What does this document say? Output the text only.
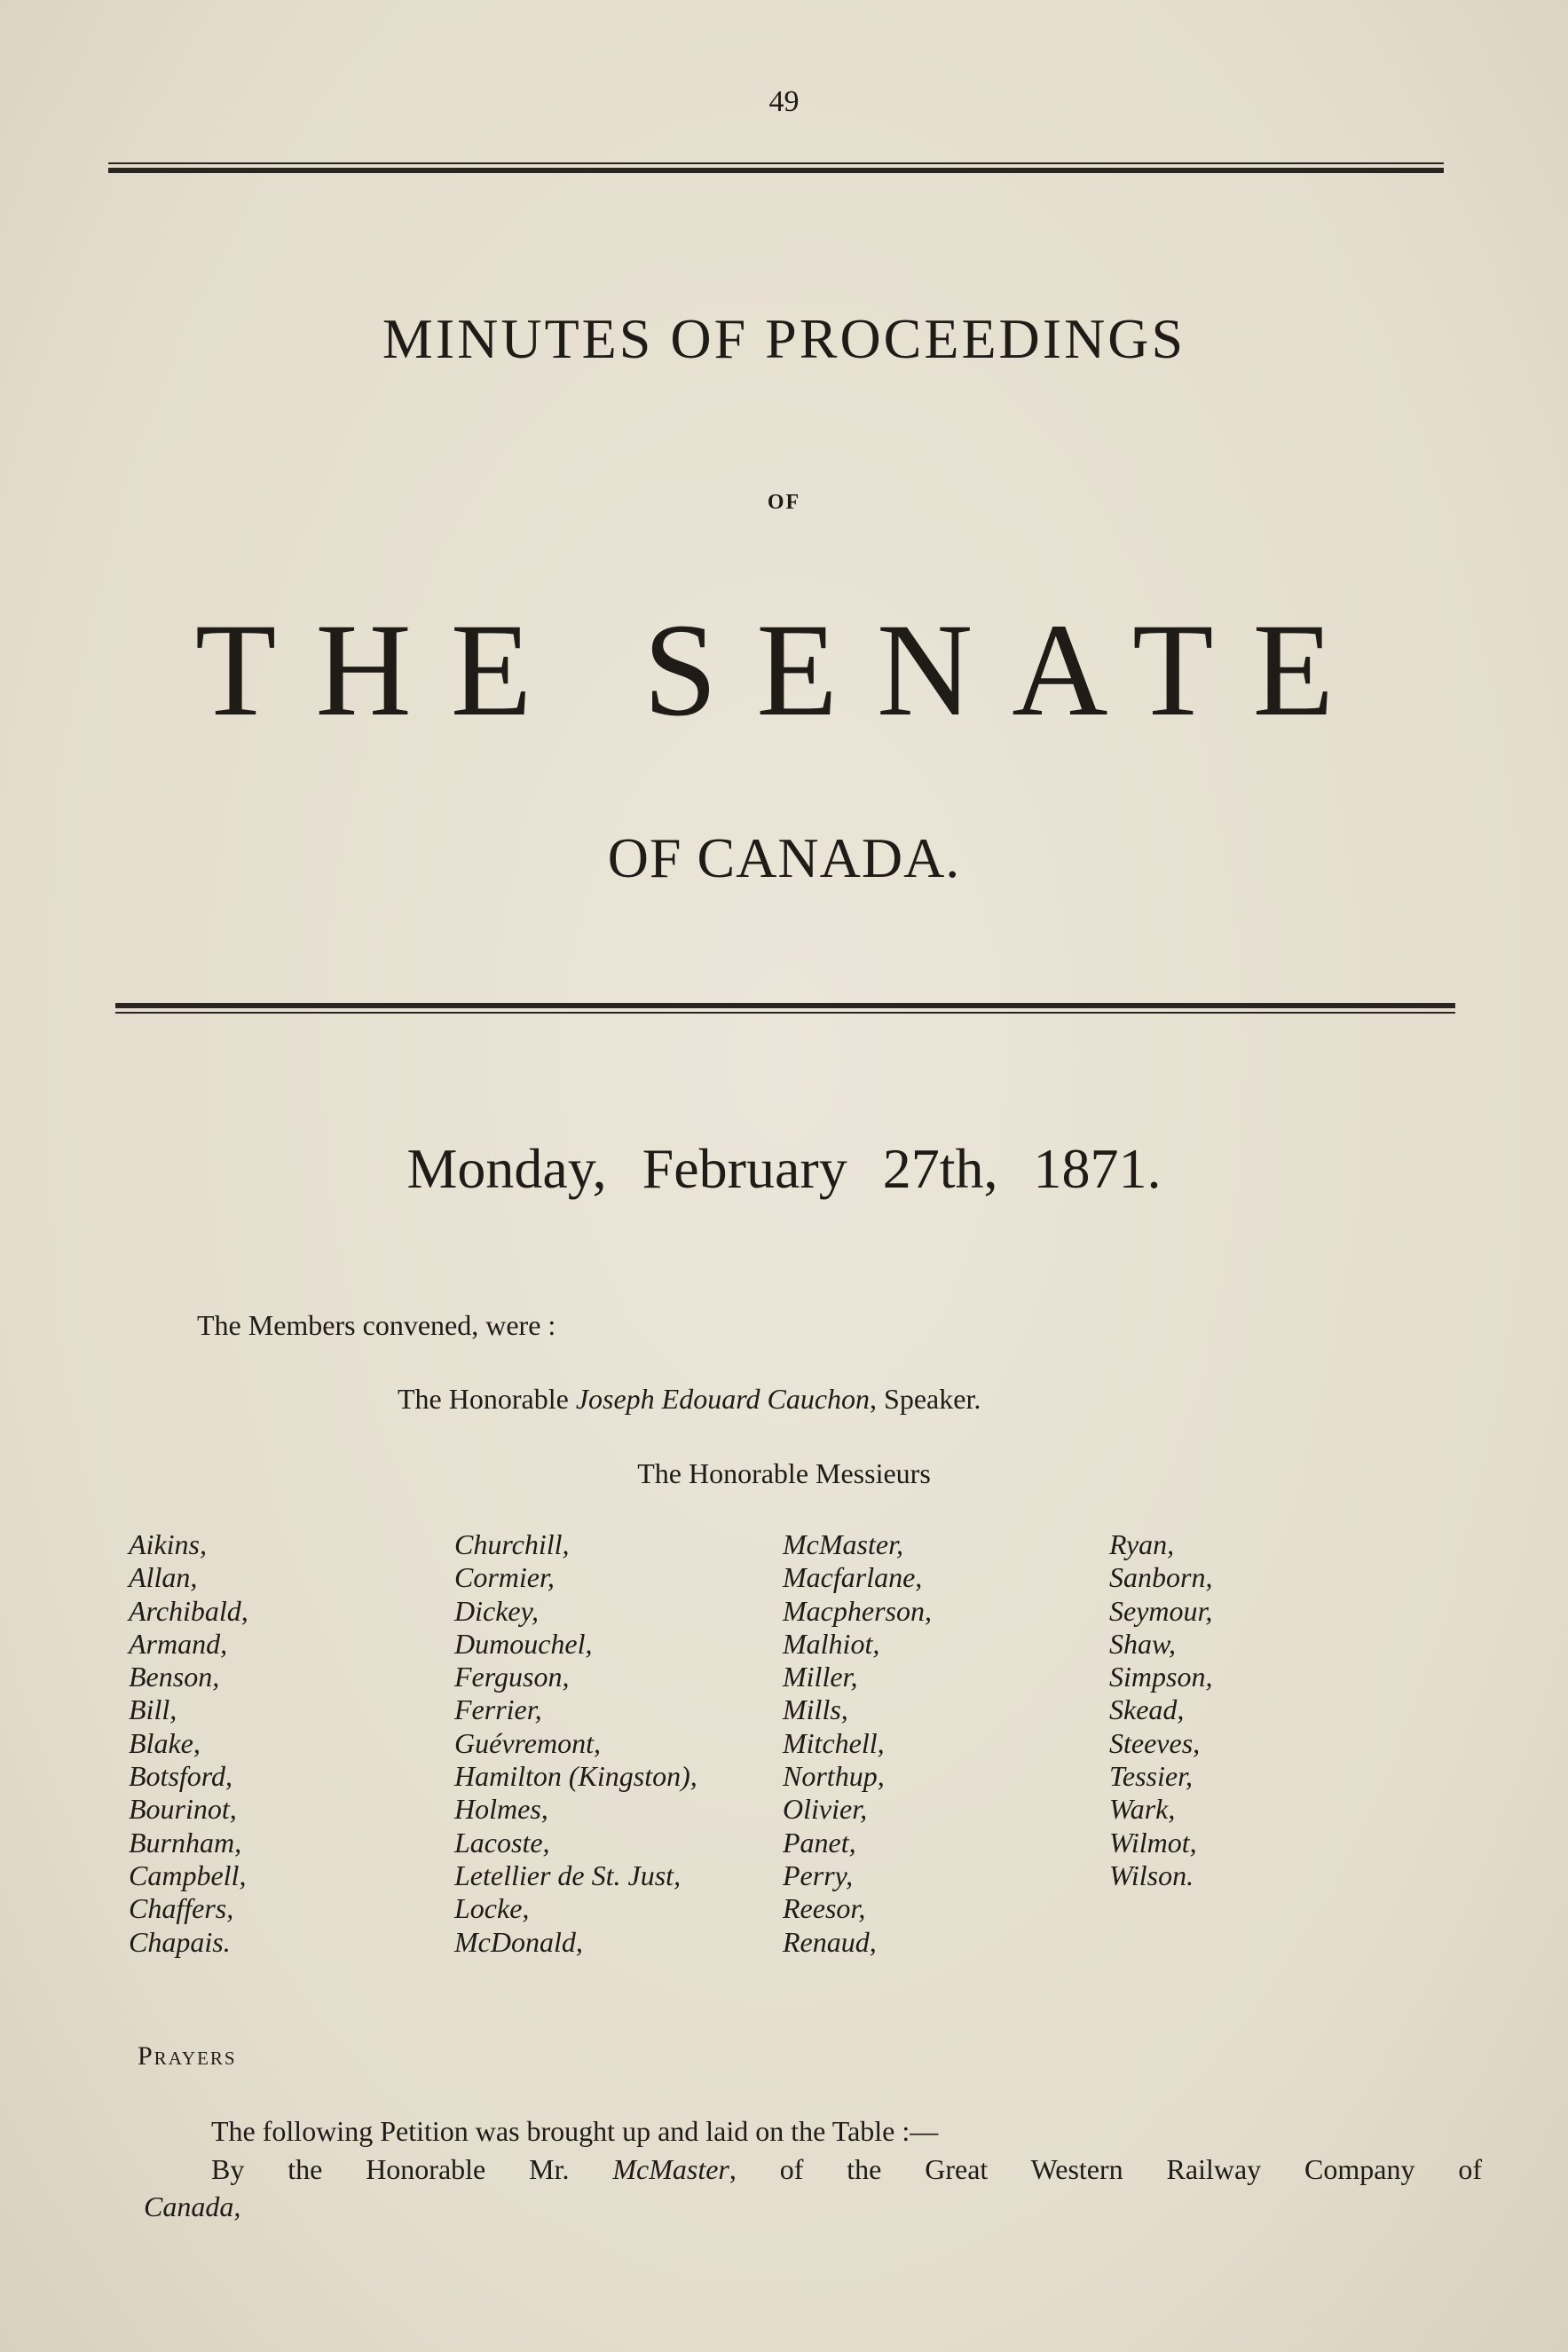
49
MINUTES OF PROCEEDINGS
OF
THE SENATE
OF CANADA.
Monday, February 27th, 1871.
The Members convened, were :
The Honorable Joseph Edouard Cauchon, Speaker.
The Honorable Messieurs
Aikins,
Allan,
Archibald,
Armand,
Benson,
Bill,
Blake,
Botsford,
Bourinot,
Burnham,
Campbell,
Chaffers,
Chapais.
Churchill,
Cormier,
Dickey,
Dumouchel,
Ferguson,
Ferrier,
Guévremont,
Hamilton (Kingston),
Holmes,
Lacoste,
Letellier de St. Just,
Locke,
McDonald,
McMaster,
Macfarlane,
Macpherson,
Malhiot,
Miller,
Mills,
Mitchell,
Northup,
Olivier,
Panet,
Perry,
Reesor,
Renaud,
Ryan,
Sanborn,
Seymour,
Shaw,
Simpson,
Skead,
Steeves,
Tessier,
Wark,
Wilmot,
Wilson.
Prayers
The following Petition was brought up and laid on the Table :—
By the Honorable Mr. McMaster, of the Great Western Railway Company of
Canada,
